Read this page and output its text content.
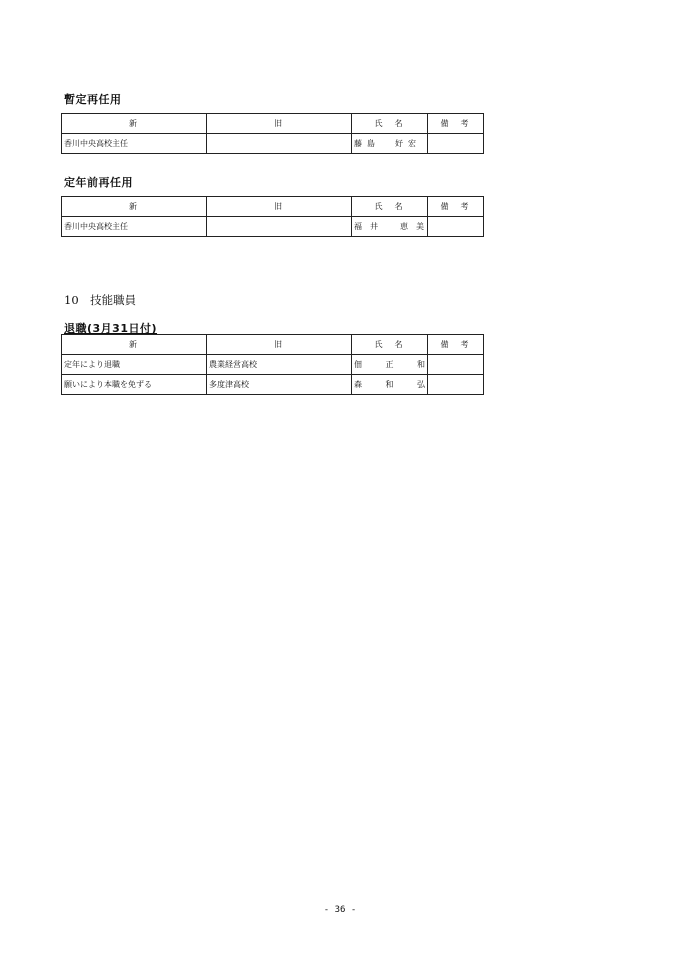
暫定再任用
新	旧	氏　名	備　考
香川中央高校主任		藤 島 好 宏	

定年前再任用
新	旧	氏　名	備　考
香川中央高校主任		福 井 恵 美	

10　技能職員
退職(3月31日付)
新	旧	氏　名	備　考
定年により退職	農業経営高校	佃 正 和	

願いにより本職を免ずる	多度津高校	森 和 弘	

- 36 -
